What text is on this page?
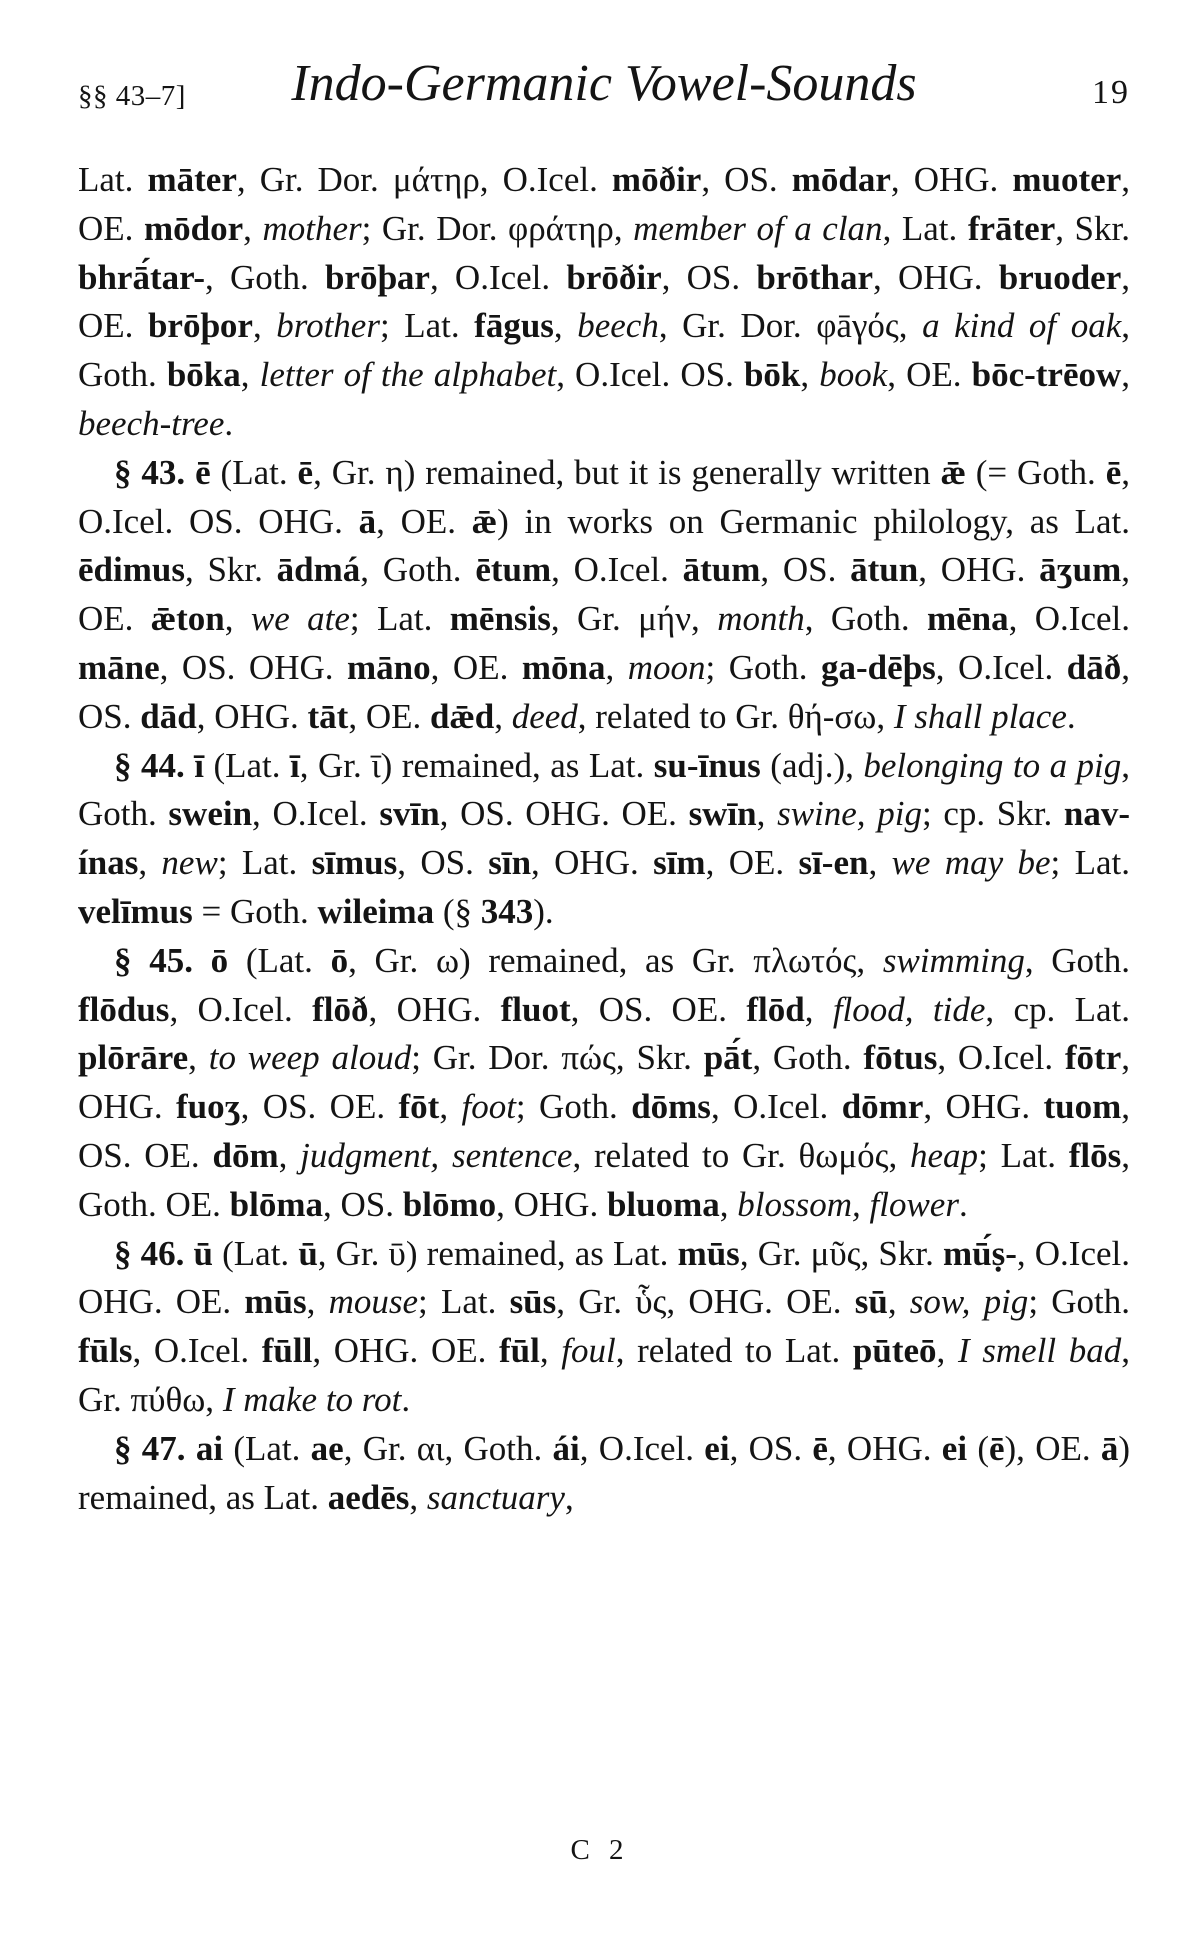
§§ 43–7] Indo-Germanic Vowel-Sounds	19

Lat. māter, Gr. Dor. μάτηρ, O.Icel. mōðir, OS. mōdar, OHG. muoter, OE. mōdor, mother; Gr. Dor. φράτηρ, member of a clan, Lat. frāter, Skr. bhrā́tar-, Goth. brōþar, O.Icel. brōðir, OS. brōthar, OHG. bruoder, OE. brōþor, brother; Lat. fāgus, beech, Gr. Dor. φāγός, a kind of oak, Goth. bōka, letter of the alphabet, O.Icel. OS. bōk, book, OE. bōc-trēow, beech-tree.

§ 43. ē (Lat. ē, Gr. η) remained, but it is generally written ǣ (= Goth. ē, O.Icel. OS. OHG. ā, OE. ǣ) in works on Germanic philology, as Lat. ēdimus, Skr. ādmá, Goth. ētum, O.Icel. ātum, OS. ātun, OHG. āʒum, OE. ǣton, we ate; Lat. mēnsis, Gr. μήν, month, Goth. mēna, O.Icel. māne, OS. OHG. māno, OE. mōna, moon; Goth. ga-dēþs, O.Icel. dāð, OS. dād, OHG. tāt, OE. dǣd, deed, related to Gr. θή-σω, I shall place.

§ 44. ī (Lat. ī, Gr. ῑ) remained, as Lat. su-īnus (adj.), belonging to a pig, Goth. swein, O.Icel. svīn, OS. OHG. OE. swīn, swine, pig; cp. Skr. nav-ínas, new; Lat. sīmus, OS. sīn, OHG. sīm, OE. sī-en, we may be; Lat. velīmus = Goth. wileima (§ 343).

§ 45. ō (Lat. ō, Gr. ω) remained, as Gr. πλωτός, swimming, Goth. flōdus, O.Icel. flōð, OHG. fluot, OS. OE. flōd, flood, tide, cp. Lat. plōrāre, to weep aloud; Gr. Dor. πώς, Skr. pā́t, Goth. fōtus, O.Icel. fōtr, OHG. fuoʒ, OS. OE. fōt, foot; Goth. dōms, O.Icel. dōmr, OHG. tuom, OS. OE. dōm, judgment, sentence, related to Gr. θωμός, heap; Lat. flōs, Goth. OE. blōma, OS. blōmo, OHG. bluoma, blossom, flower.

§ 46. ū (Lat. ū, Gr. ῡ) remained, as Lat. mūs, Gr. μῦς, Skr. mū́ṣ-, O.Icel. OHG. OE. mūs, mouse; Lat. sūs, Gr. ὗς, OHG. OE. sū, sow, pig; Goth. fūls, O.Icel. fūll, OHG. OE. fūl, foul, related to Lat. pūteō, I smell bad, Gr. πύθω, I make to rot.

§ 47. ai (Lat. ae, Gr. αι, Goth. ái, O.Icel. ei, OS. ē, OHG. ei (ē), OE. ā) remained, as Lat. aedēs, sanctuary,

C 2
